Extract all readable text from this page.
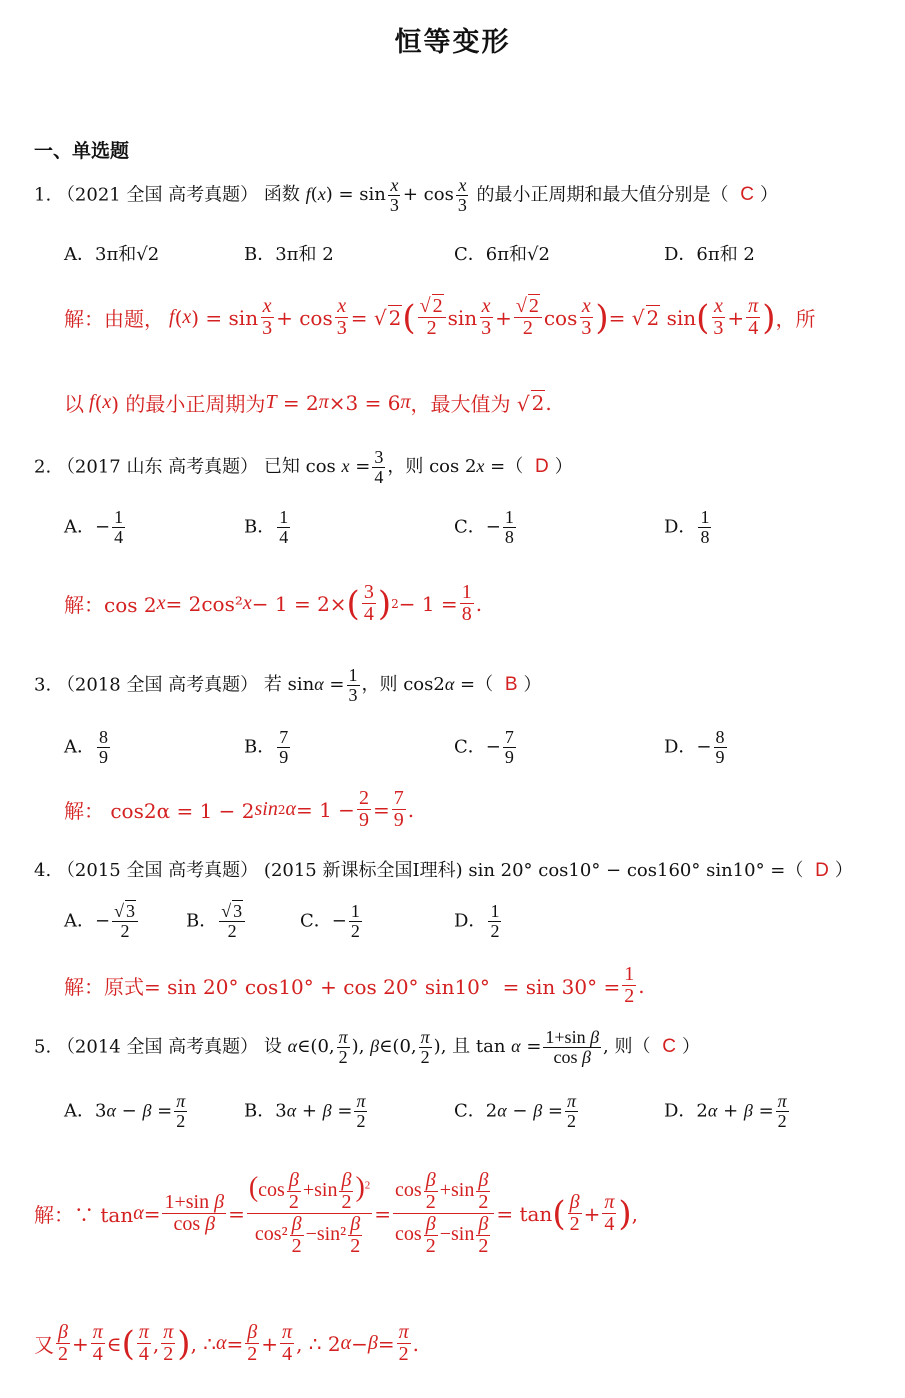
恒等变形
一、单选题
1. （2021 全国 高考真题） 函数 $f(x) = \sin \frac{x}{3} + \cos \frac{x}{3}$ 的最小正周期和最大值分别是（ C ）
A．3π和√2	B．3π和 2	C．6π和√2	D．6π和 2
解：由题， f ( x ) = sin x
3 + cos x
3 = √ 2 ( √ 2
2 sin x
3 + √ 2
2 cos x
3 ) = √ 2 sin ( x
3 + π
4 ) ，所
以 f ( x ) 的最小正周期为 T = 2 π ×3 = 6 π ，最大值为 √ 2 .
2. （2017 山东 高考真题） 已知 $\cos x = \frac{3}{4}$ ，则 cos 2x =（ D ）
A．− $\frac{1}{4}$	B． $\frac{1}{4}$	C．− $\frac{1}{8}$	D． $\frac{1}{8}$
解：cos 2 x = 2cos² x − 1 = 2× ( 3
4 ) 2 − 1 = 1
8 .
3. （2018 全国 高考真题） 若 $\sin\alpha = \frac{1}{3}$ ，则 cos2α =（ B ）
A． $\frac{8}{9}$	B． $\frac{7}{9}$	C．− $\frac{7}{9}$	D．− $\frac{8}{9}$
解： cos2α = 1 − 2 sin 2 α = 1 − 2
9 = 7
9 .
4. （2015 全国 高考真题） (2015 新课标全国Ⅰ理科) sin 20° cos10° − cos160° sin10° =（ D ）
A．− $\frac{√ 3}{2}$	B． $\frac{√ 3}{2}$	C．− $\frac{1}{2}$	D． $\frac{1}{2}$
解：原式= sin 20° cos10° + cos 20° sin10°  = sin 30° =
1
2 .
5. （2014 全国 高考真题） 设 α∈(0, $\frac{\pi}{2}$ ), β∈(0, $\frac{\pi}{2}$ ), 且 $\tan \alpha = \frac{\text{1+sin β}}{\text{cos β}}$ , 则（ C ）
A．$3\alpha - \beta = \frac{\pi}{2}$	B．$3\alpha + \beta = \frac{\pi}{2}$	C．$2\alpha - \beta = \frac{\pi}{2}$	D．$2\alpha + \beta = \frac{\pi}{2}$
解：∵ tan α = 1+sin β
cos β =
$(\cos \frac{\beta}{2} +\sin \frac{\beta}{2} )^2$
$\cos^2 \frac{\beta}{2} -\sin^2 \frac{\beta}{2}$
=
$\cos \frac{\beta}{2} +\sin \frac{\beta}{2}$
$\cos \frac{\beta}{2} -\sin \frac{\beta}{2}$
= tan ( β
2 + π
4 ) ,
又
β
2 + π
4 ∈ ( π
4 , π
2 ) , ∴ α = β
2 + π
4 , ∴ 2 α − β = π
2 .
